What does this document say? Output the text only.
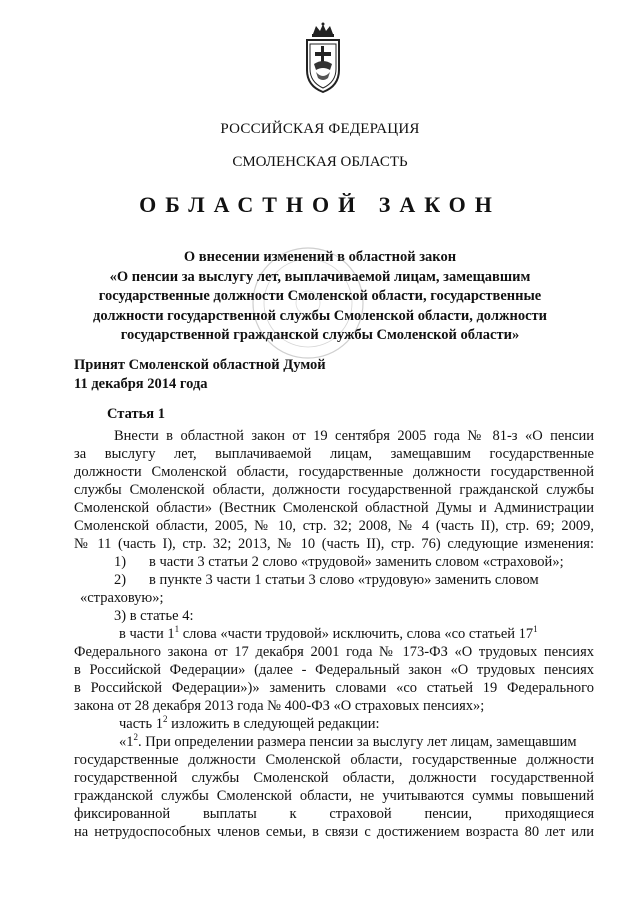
РОССИЙСКАЯ ФЕДЕРАЦИЯ
СМОЛЕНСКАЯ ОБЛАСТЬ
ОБЛАСТНОЙ ЗАКОН
О внесении изменений в областной закон
«О пенсии за выслугу лет, выплачиваемой лицам, замещавшим
государственные должности Смоленской области, государственные
должности государственной службы Смоленской области, должности
государственной гражданской службы Смоленской области»
Принят Смоленской областной Думой
11 декабря 2014 года
Статья 1
Внести в областной закон от 19 сентября 2005 года № 81-з «О пенсии
за выслугу лет, выплачиваемой лицам, замещавшим государственные
должности Смоленской области, государственные должности государственной
службы Смоленской области, должности государственной гражданской службы
Смоленской области» (Вестник Смоленской областной Думы и Администрации
Смоленской области, 2005, № 10, стр. 32; 2008, № 4 (часть II), стр. 69; 2009,
№ 11 (часть I), стр. 32; 2013, № 10 (часть II), стр. 76) следующие изменения:
1) в части 3 статьи 2 слово «трудовой» заменить словом «страховой»;
2) в пункте 3 части 1 статьи 3 слово «трудовую» заменить словом
«страховую»;
3) в статье 4:
в части $1^1$ слова «части трудовой» исключить, слова «со статьей $17^1$
Федерального закона от 17 декабря 2001 года № 173-ФЗ «О трудовых пенсиях
в Российской Федерации» (далее - Федеральный закон «О трудовых пенсиях
в Российской Федерации»)» заменить словами «со статьей 19 Федерального
закона от 28 декабря 2013 года № 400-ФЗ «О страховых пенсиях»;
часть $1^2$ изложить в следующей редакции:
«$1^2$. При определении размера пенсии за выслугу лет лицам, замещавшим
государственные должности Смоленской области, государственные должности
государственной службы Смоленской области, должности государственной
гражданской службы Смоленской области, не учитываются суммы повышений
фиксированной выплаты к страховой пенсии, приходящиеся
на нетрудоспособных членов семьи, в связи с достижением возраста 80 лет или
